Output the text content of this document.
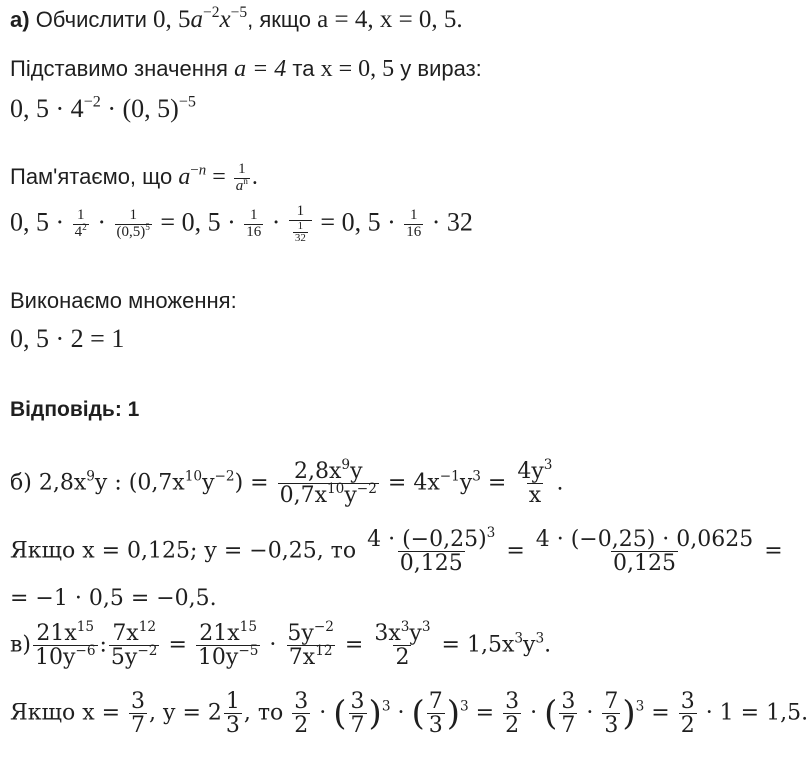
а) Обчислити 0, $5a^{-2}x^{-5}$, якщо a = 4, x = 0, 5.
Підставимо значення a = 4 та x = 0, 5 у вираз:
0, $5 \cdot 4^{-2} \cdot (0$, 5)$^{-5}$
Пам'ятаємо, що $a^{-n} = \frac{1}{a^n}$ .
0, $5 \cdot \frac{1}{4^2} \cdot \frac{1}{(0,5)^5} = 0$, $5 \cdot \frac{1}{16} \cdot \frac{1}{\frac{1}{32}} = 0$, $5 \cdot \frac{1}{16} \cdot 32$
Виконаємо множення:
0, 5 · 2 = 1
Відповідь: 1
б) $2,8x^9y$ : $(0,7x^{10}y^{-2}) = \frac{2,8x^9y}{0,7x^{10}y^{-2}} = 4x^{-1}y^3 = \frac{4y^3}{x}$ .
Якщо x = 0,125; y = −0,25, то $\frac{4 \cdot (-0,25)^3}{0,125} = \frac{4 \cdot (-0,25) \cdot 0,0625}{0,125}$ =
= −1 · 0,5 = −0,5.
$в) \frac{21x^{15}}{10y^{-6}}$ : $\frac{7x^{12}}{5y^{-2}} = \frac{21x^{15}}{10y^{-5}} \cdot \frac{5y^{-2}}{7x^{12}} = \frac{3x^3y^3}{2} = 1,5x^3y^3$.
Якщо $x = \frac{3}{7}$ , $y = 2 \frac{1}{3}$ , то $\frac{3}{2}$ · ( $\frac{3}{7} )^3$ · ( $\frac{7}{3} )^3 = \frac{3}{2}$ · ( $\frac{3}{7} \cdot \frac{7}{3} )^3 = \frac{3}{2} \cdot 1 = 1,5$.
